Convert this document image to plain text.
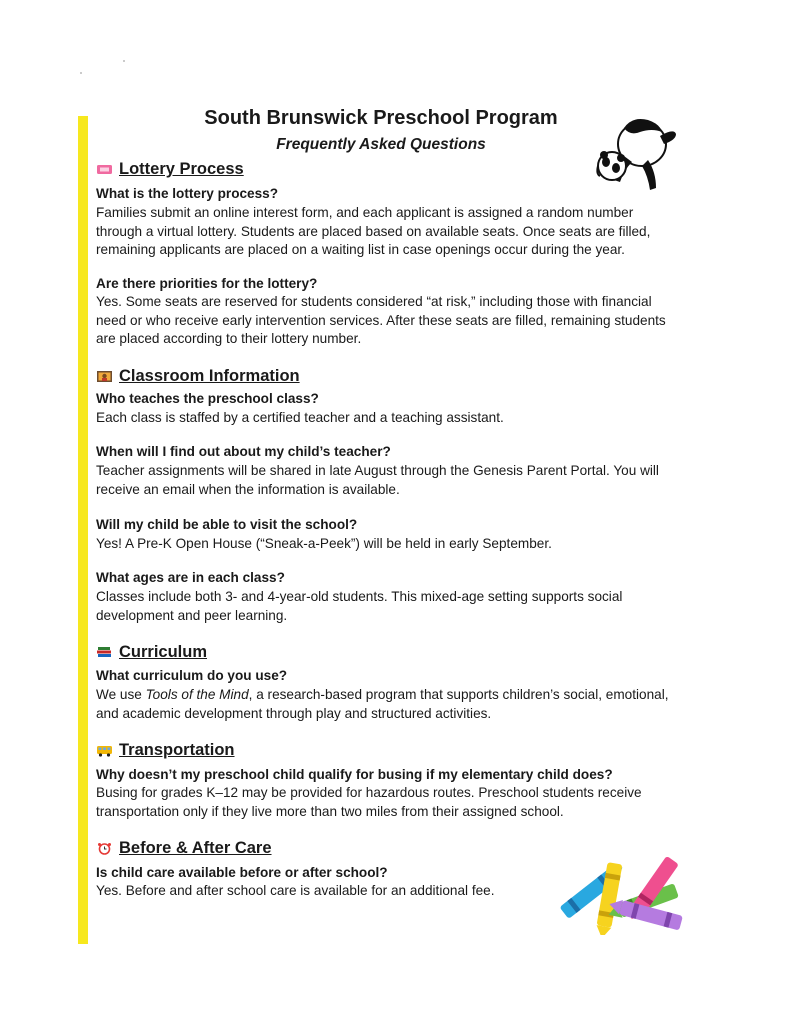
South Brunswick Preschool Program
Frequently Asked Questions
Lottery Process
What is the lottery process?
Families submit an online interest form, and each applicant is assigned a random number
through a virtual lottery. Students are placed based on available seats. Once seats are filled,
remaining applicants are placed on a waiting list in case openings occur during the year.
Are there priorities for the lottery?
Yes. Some seats are reserved for students considered “at risk,” including those with financial
need or who receive early intervention services. After these seats are filled, remaining students
are placed according to their lottery number.
Classroom Information
Who teaches the preschool class?
Each class is staffed by a certified teacher and a teaching assistant.
When will I find out about my child’s teacher?
Teacher assignments will be shared in late August through the Genesis Parent Portal. You will
receive an email when the information is available.
Will my child be able to visit the school?
Yes! A Pre-K Open House (“Sneak-a-Peek”) will be held in early September.
What ages are in each class?
Classes include both 3- and 4-year-old students. This mixed-age setting supports social
development and peer learning.
Curriculum
What curriculum do you use?
We use Tools of the Mind, a research-based program that supports children’s social, emotional,
and academic development through play and structured activities.
Transportation
Why doesn’t my preschool child qualify for busing if my elementary child does?
Busing for grades K–12 may be provided for hazardous routes. Preschool students receive
transportation only if they live more than two miles from their assigned school.
Before & After Care
Is child care available before or after school?
Yes. Before and after school care is available for an additional fee.
